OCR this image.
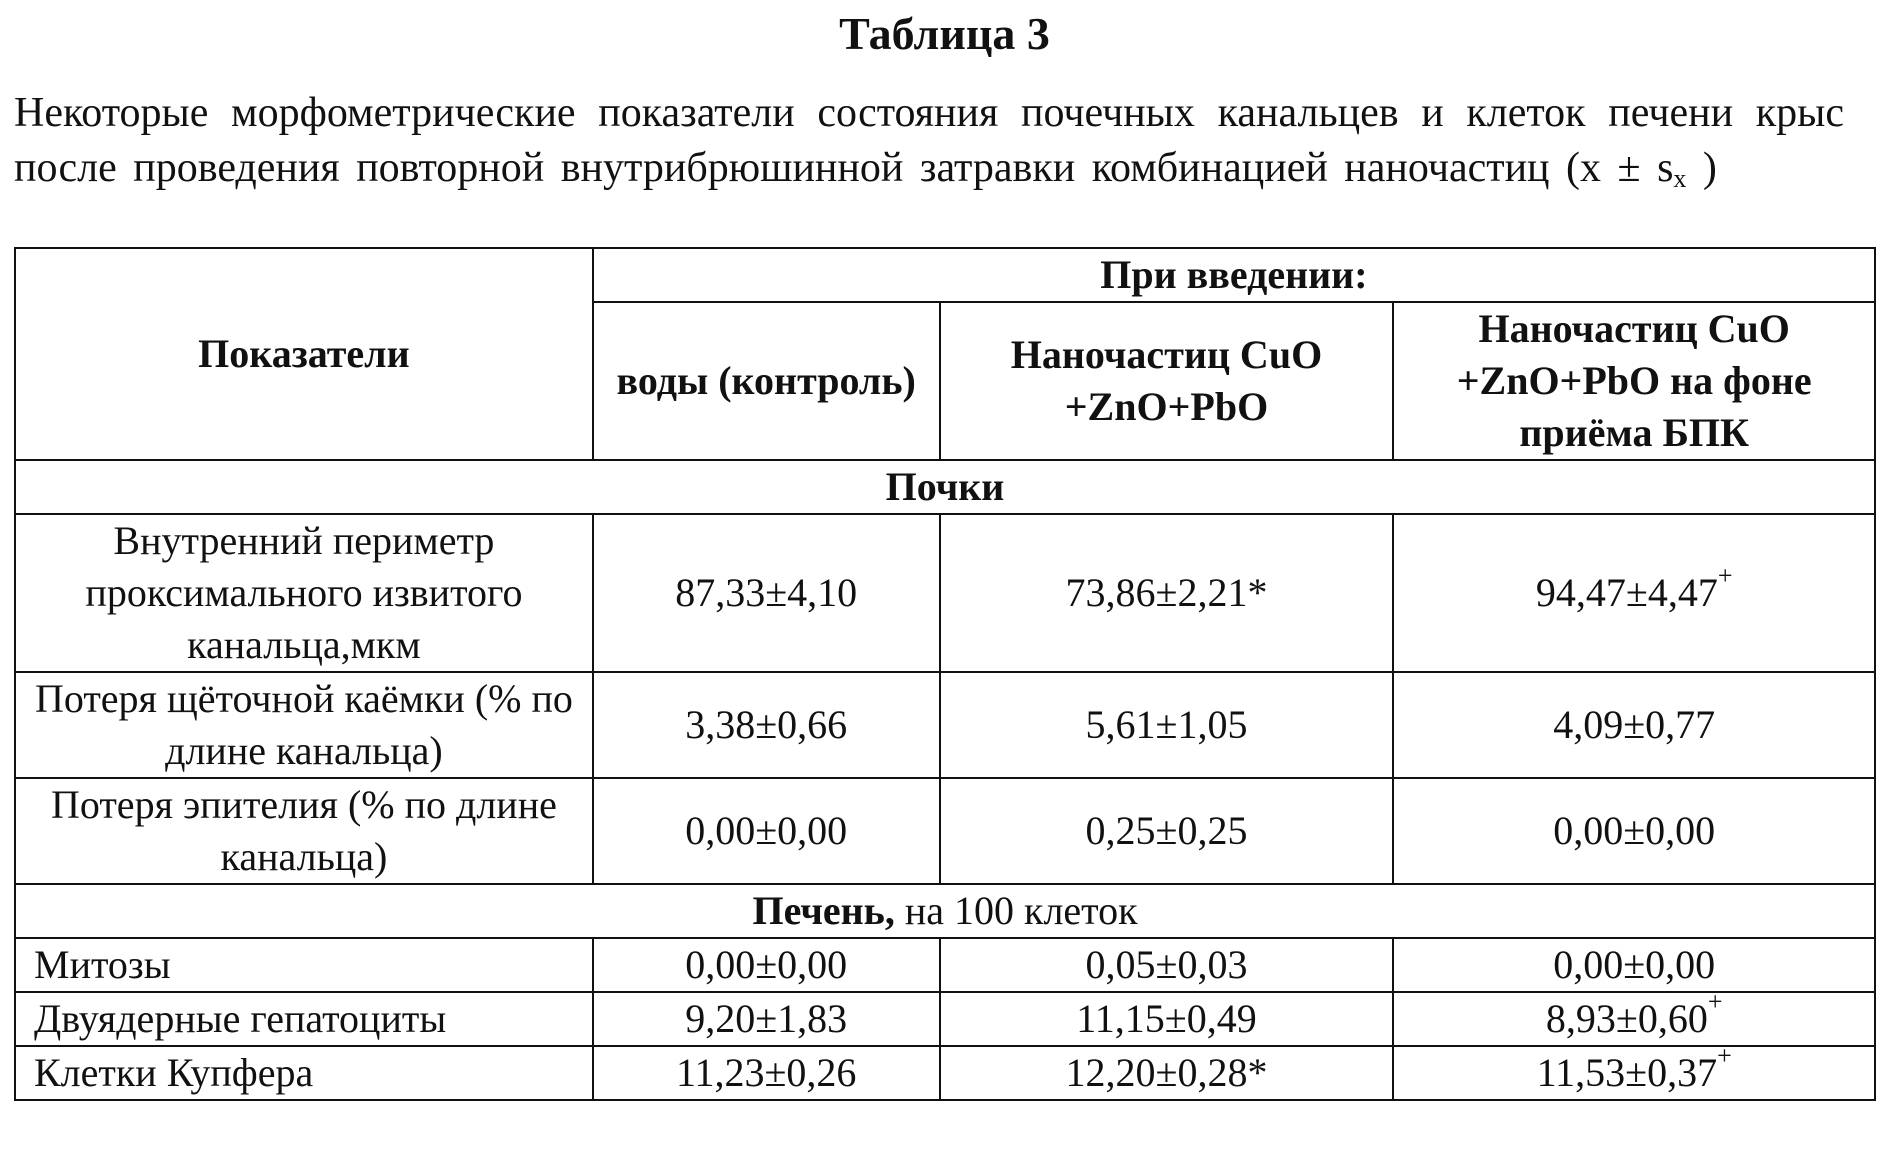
Таблица 3
Некоторые морфометрические показатели состояния почечных канальцев и клеток печени крыс после проведения повторной внутрибрюшинной затравки комбинацией наночастиц ($x \pm s_x$ )
Показатели	При введении:		
	воды (контроль)	Наночастиц CuO +ZnO+PbO	Наночастиц CuO +ZnO+PbO на фоне приёма БПК
Почки			
Внутренний периметр проксимального извитого канальца,мкм	87,33±4,10	73,86±2,21*	94,47±4,47+
Потеря щёточной каёмки (% по длине канальца)	3,38±0,66	5,61±1,05	4,09±0,77
Потеря эпителия (% по длине канальца)	0,00±0,00	0,25±0,25	0,00±0,00
Печень, на 100 клеток			
Митозы	0,00±0,00	0,05±0,03	0,00±0,00
Двуядерные гепатоциты	9,20±1,83	11,15±0,49	8,93±0,60+
Клетки Купфера	11,23±0,26	12,20±0,28*	11,53±0,37+
